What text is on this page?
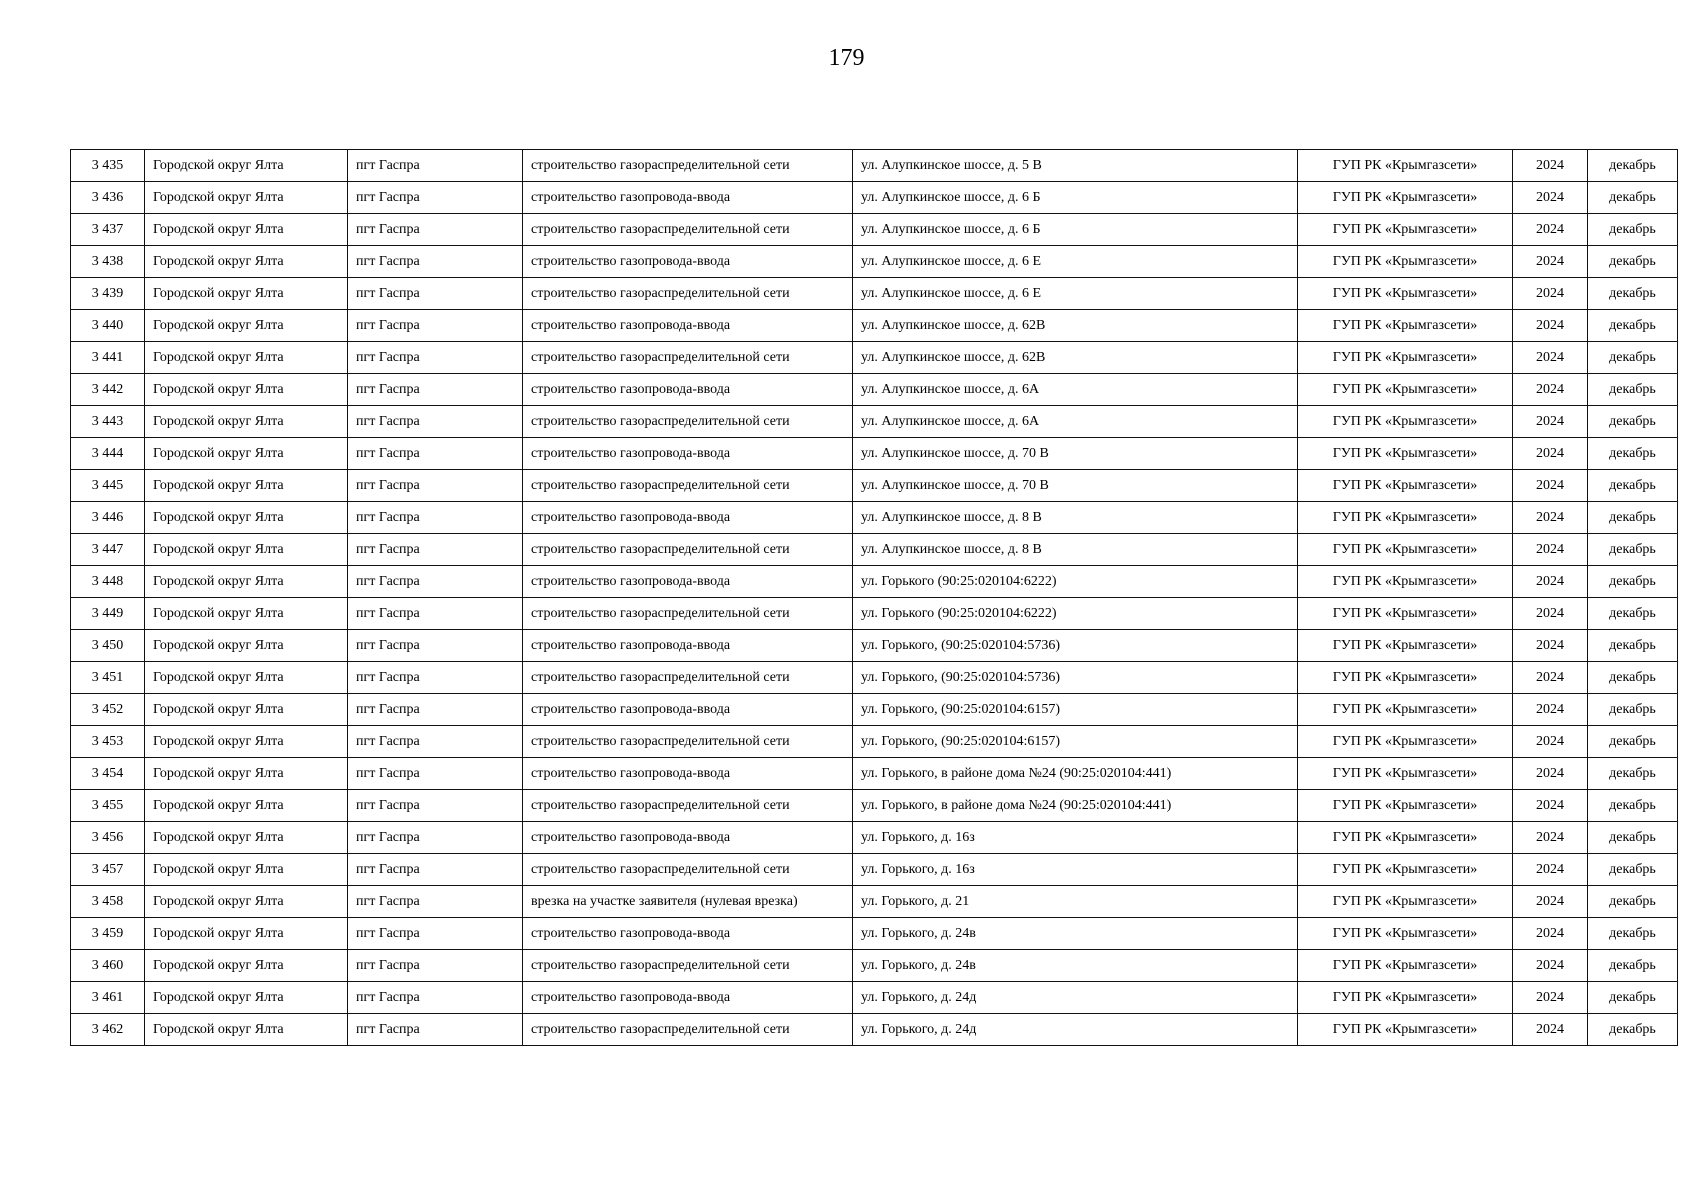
179
3 435	Городской округ Ялта	пгт Гаспра	строительство газораспределительной сети	ул. Алупкинское шоссе, д. 5 В	ГУП РК «Крымгазсети»	2024	декабрь
3 436	Городской округ Ялта	пгт Гаспра	строительство газопровода-ввода	ул. Алупкинское шоссе, д. 6 Б	ГУП РК «Крымгазсети»	2024	декабрь
3 437	Городской округ Ялта	пгт Гаспра	строительство газораспределительной сети	ул. Алупкинское шоссе, д. 6 Б	ГУП РК «Крымгазсети»	2024	декабрь
3 438	Городской округ Ялта	пгт Гаспра	строительство газопровода-ввода	ул. Алупкинское шоссе, д. 6 Е	ГУП РК «Крымгазсети»	2024	декабрь
3 439	Городской округ Ялта	пгт Гаспра	строительство газораспределительной сети	ул. Алупкинское шоссе, д. 6 Е	ГУП РК «Крымгазсети»	2024	декабрь
3 440	Городской округ Ялта	пгт Гаспра	строительство газопровода-ввода	ул. Алупкинское шоссе, д. 62В	ГУП РК «Крымгазсети»	2024	декабрь
3 441	Городской округ Ялта	пгт Гаспра	строительство газораспределительной сети	ул. Алупкинское шоссе, д. 62В	ГУП РК «Крымгазсети»	2024	декабрь
3 442	Городской округ Ялта	пгт Гаспра	строительство газопровода-ввода	ул. Алупкинское шоссе, д. 6А	ГУП РК «Крымгазсети»	2024	декабрь
3 443	Городской округ Ялта	пгт Гаспра	строительство газораспределительной сети	ул. Алупкинское шоссе, д. 6А	ГУП РК «Крымгазсети»	2024	декабрь
3 444	Городской округ Ялта	пгт Гаспра	строительство газопровода-ввода	ул. Алупкинское шоссе, д. 70 В	ГУП РК «Крымгазсети»	2024	декабрь
3 445	Городской округ Ялта	пгт Гаспра	строительство газораспределительной сети	ул. Алупкинское шоссе, д. 70 В	ГУП РК «Крымгазсети»	2024	декабрь
3 446	Городской округ Ялта	пгт Гаспра	строительство газопровода-ввода	ул. Алупкинское шоссе, д. 8 В	ГУП РК «Крымгазсети»	2024	декабрь
3 447	Городской округ Ялта	пгт Гаспра	строительство газораспределительной сети	ул. Алупкинское шоссе, д. 8 В	ГУП РК «Крымгазсети»	2024	декабрь
3 448	Городской округ Ялта	пгт Гаспра	строительство газопровода-ввода	ул. Горького (90:25:020104:6222)	ГУП РК «Крымгазсети»	2024	декабрь
3 449	Городской округ Ялта	пгт Гаспра	строительство газораспределительной сети	ул. Горького (90:25:020104:6222)	ГУП РК «Крымгазсети»	2024	декабрь
3 450	Городской округ Ялта	пгт Гаспра	строительство газопровода-ввода	ул. Горького, (90:25:020104:5736)	ГУП РК «Крымгазсети»	2024	декабрь
3 451	Городской округ Ялта	пгт Гаспра	строительство газораспределительной сети	ул. Горького, (90:25:020104:5736)	ГУП РК «Крымгазсети»	2024	декабрь
3 452	Городской округ Ялта	пгт Гаспра	строительство газопровода-ввода	ул. Горького, (90:25:020104:6157)	ГУП РК «Крымгазсети»	2024	декабрь
3 453	Городской округ Ялта	пгт Гаспра	строительство газораспределительной сети	ул. Горького, (90:25:020104:6157)	ГУП РК «Крымгазсети»	2024	декабрь
3 454	Городской округ Ялта	пгт Гаспра	строительство газопровода-ввода	ул. Горького, в районе дома №24 (90:25:020104:441)	ГУП РК «Крымгазсети»	2024	декабрь
3 455	Городской округ Ялта	пгт Гаспра	строительство газораспределительной сети	ул. Горького, в районе дома №24 (90:25:020104:441)	ГУП РК «Крымгазсети»	2024	декабрь
3 456	Городской округ Ялта	пгт Гаспра	строительство газопровода-ввода	ул. Горького, д. 16з	ГУП РК «Крымгазсети»	2024	декабрь
3 457	Городской округ Ялта	пгт Гаспра	строительство газораспределительной сети	ул. Горького, д. 16з	ГУП РК «Крымгазсети»	2024	декабрь
3 458	Городской округ Ялта	пгт Гаспра	врезка на участке заявителя (нулевая врезка)	ул. Горького, д. 21	ГУП РК «Крымгазсети»	2024	декабрь
3 459	Городской округ Ялта	пгт Гаспра	строительство газопровода-ввода	ул. Горького, д. 24в	ГУП РК «Крымгазсети»	2024	декабрь
3 460	Городской округ Ялта	пгт Гаспра	строительство газораспределительной сети	ул. Горького, д. 24в	ГУП РК «Крымгазсети»	2024	декабрь
3 461	Городской округ Ялта	пгт Гаспра	строительство газопровода-ввода	ул. Горького, д. 24д	ГУП РК «Крымгазсети»	2024	декабрь
3 462	Городской округ Ялта	пгт Гаспра	строительство газораспределительной сети	ул. Горького, д. 24д	ГУП РК «Крымгазсети»	2024	декабрь
